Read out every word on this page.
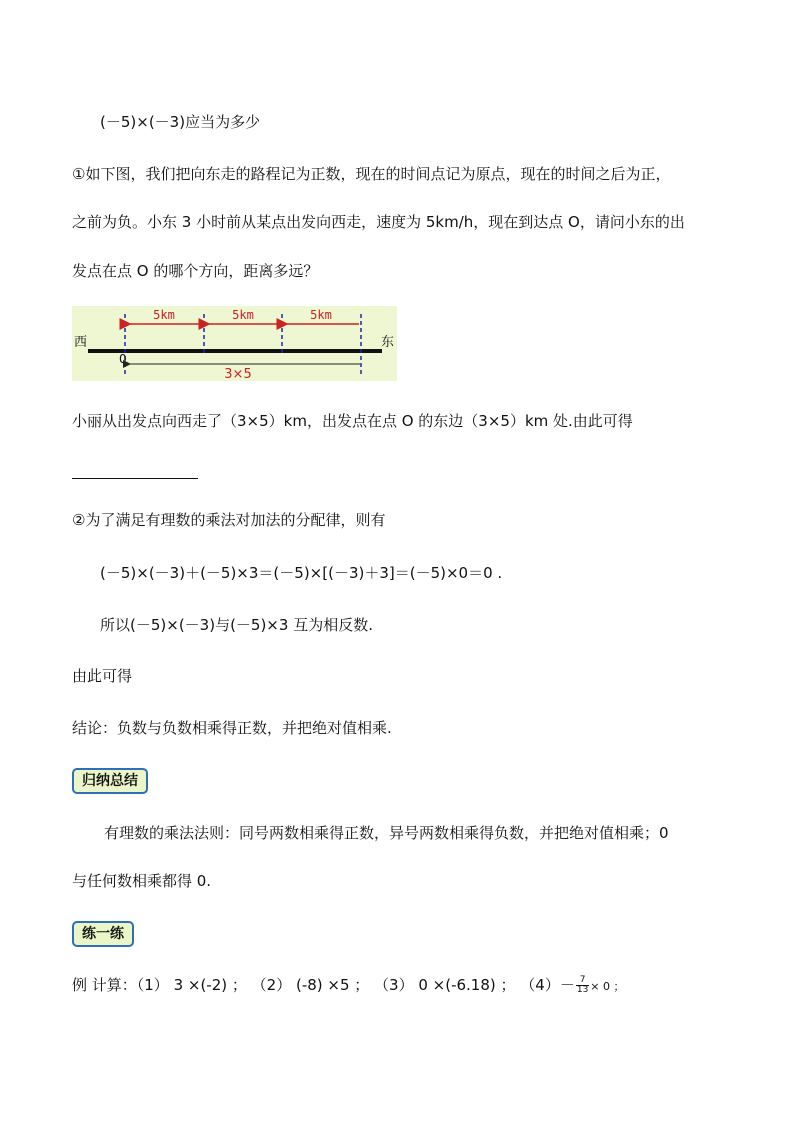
(－5)×(－3)应当为多少
①如下图，我们把向东走的路程记为正数，现在的时间点记为原点，现在的时间之后为正，
之前为负。小东 3 小时前从某点出发向西走，速度为 5km/h，现在到达点 O，请问小东的出
发点在点 O 的哪个方向，距离多远？
5km	5km	5km
西	东
0
3×5
小丽从出发点向西走了（3×5）km，出发点在点 O 的东边（3×5）km 处.由此可得
②为了满足有理数的乘法对加法的分配律，则有
(－5)×(－3)＋(－5)×3＝(－5)×[(－3)＋3]＝(－5)×0＝0 .
所以(－5)×(－3)与(－5)×3 互为相反数.
由此可得
结论：负数与负数相乘得正数，并把绝对值相乘.
归纳总结
有理数的乘法法则：同号两数相乘得正数，异号两数相乘得负数，并把绝对值相乘；0
与任何数相乘都得 0.
练一练
例 计算：（1） 3 ×(-2) ； （2） (-8) ×5 ； （3） 0 ×(-6.18) ； $(4)- \frac{7}{13} \times 0$ ；
